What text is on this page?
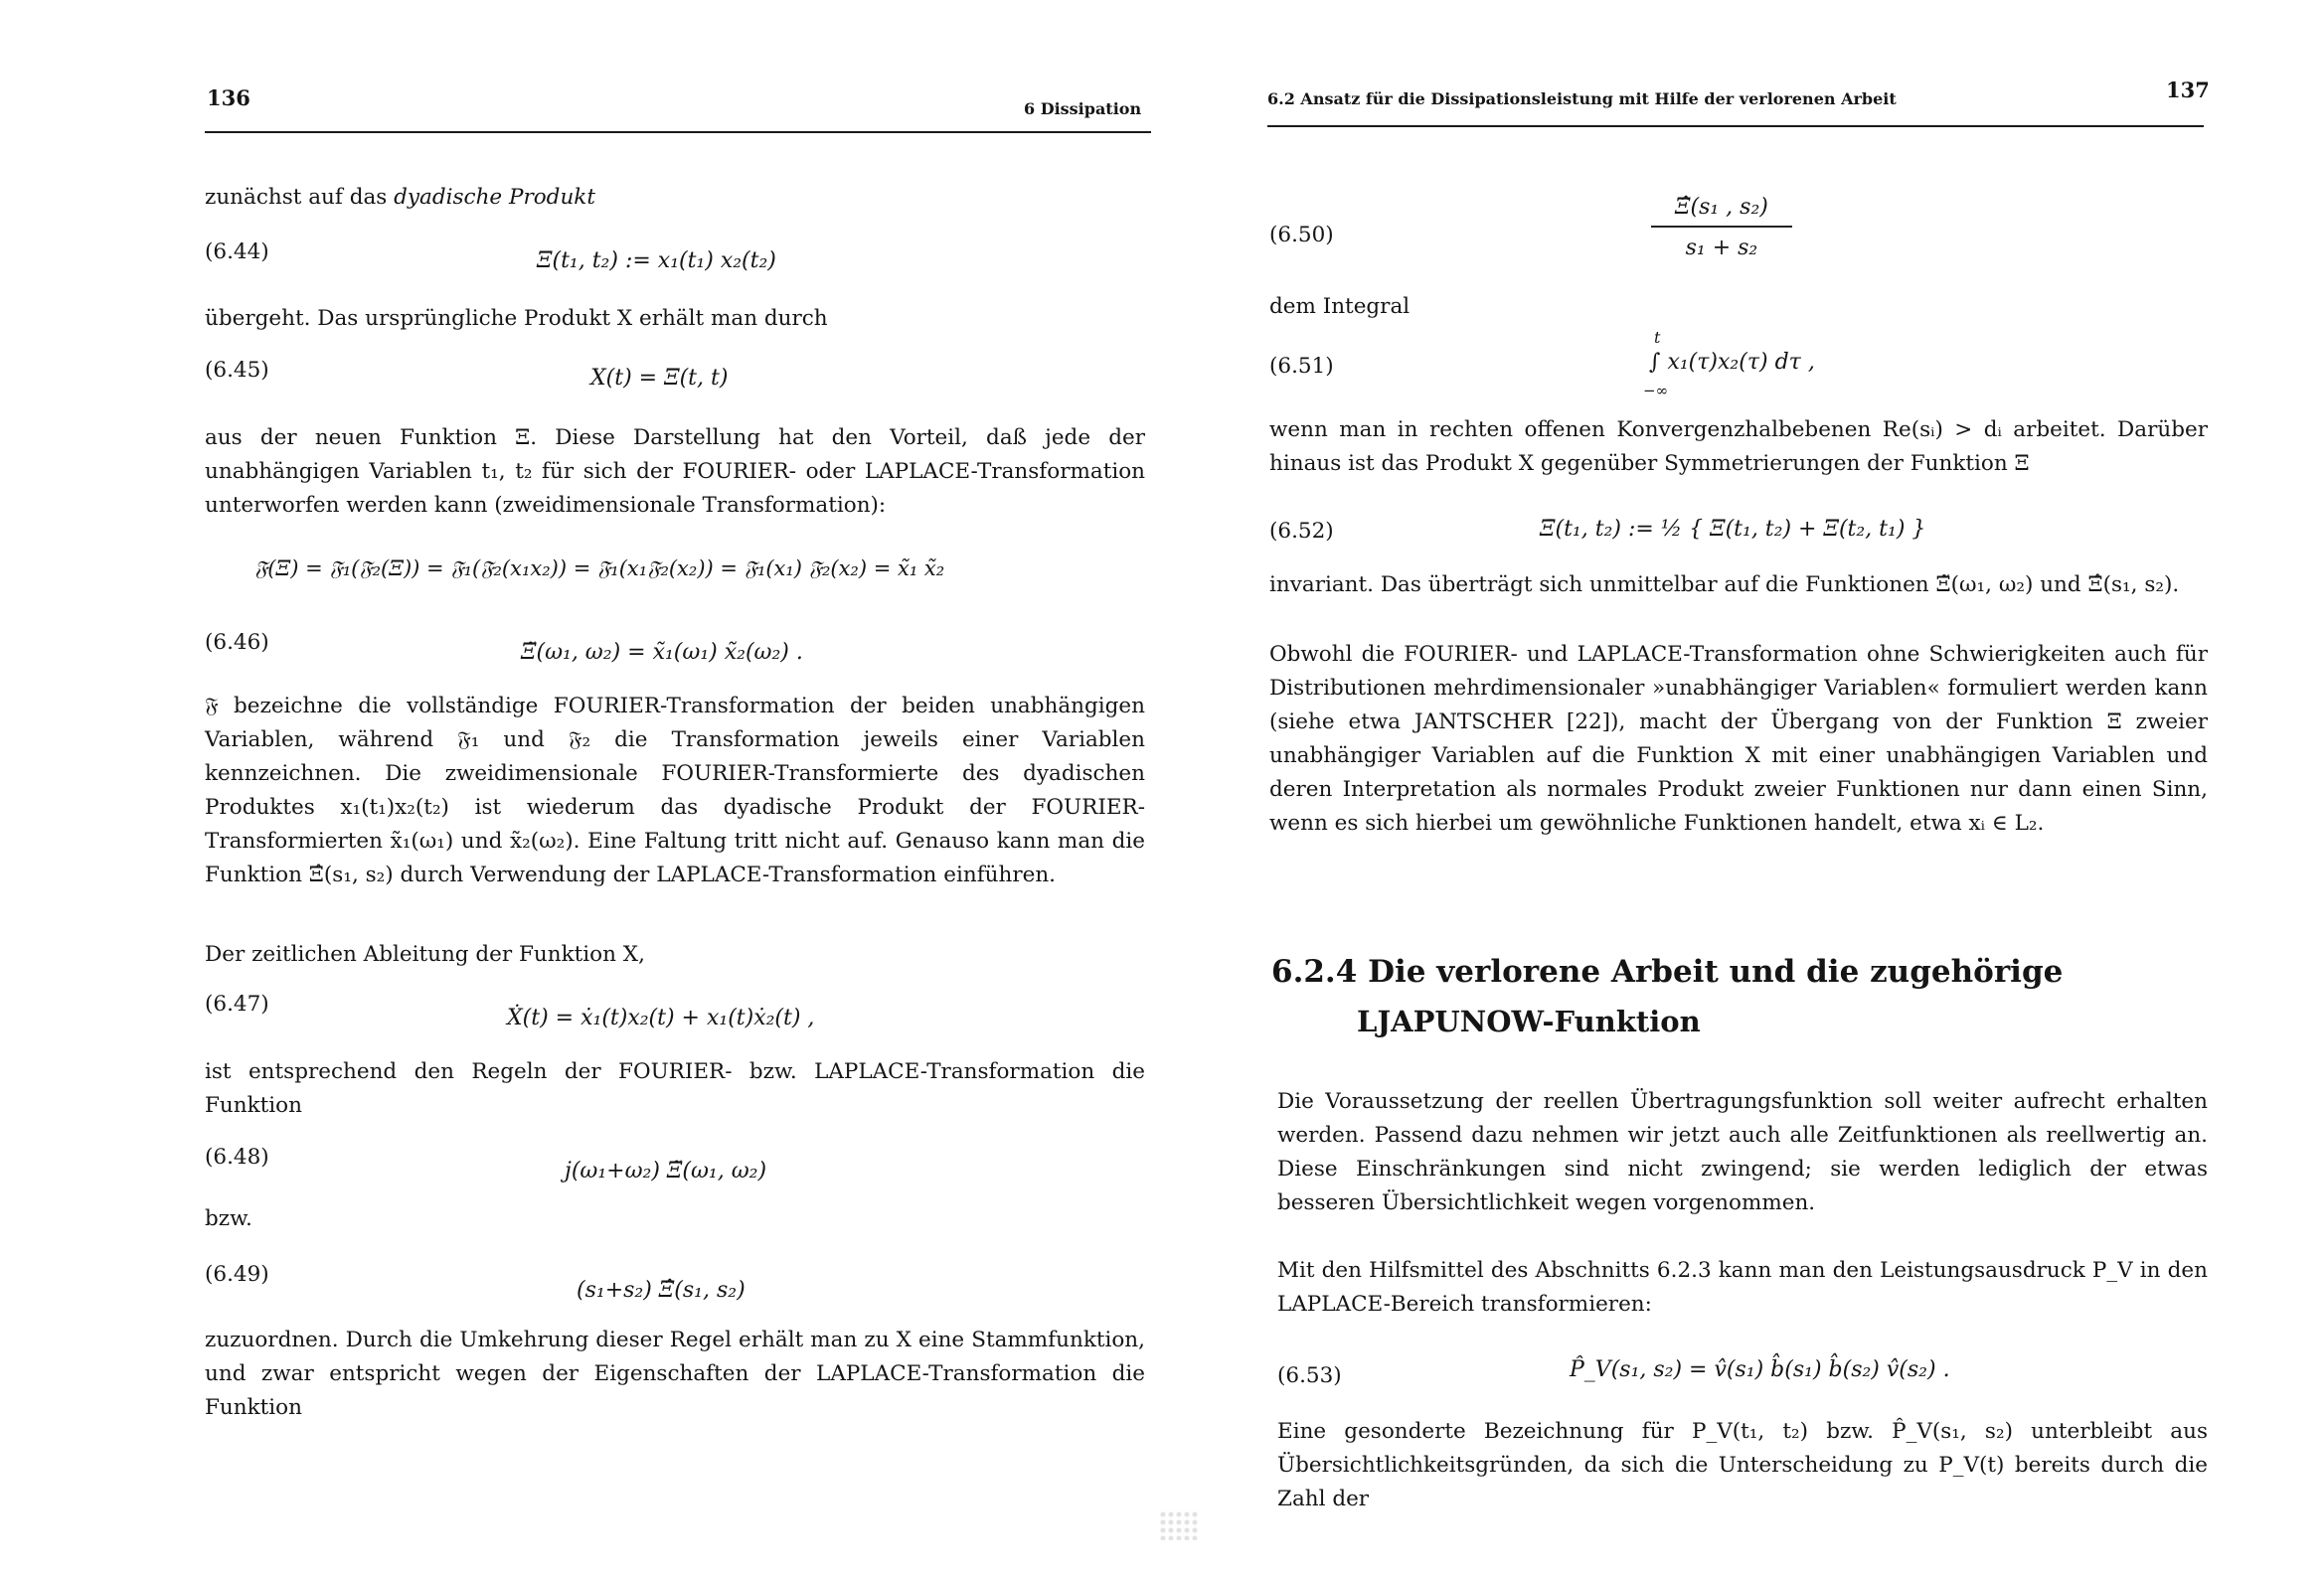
136	6 Dissipation
zunächst auf das dyadische Produkt
(6.44)	Ξ(t₁, t₂) := x₁(t₁) x₂(t₂)
übergeht. Das ursprüngliche Produkt X erhält man durch
(6.45)	X(t) = Ξ(t, t)
aus der neuen Funktion Ξ. Diese Darstellung hat den Vorteil, daß jede der unabhängigen Variablen t₁, t₂ für sich der FOURIER- oder LAPLACE-Transformation unterworfen werden kann (zweidimensionale Transformation):
𝔉(Ξ) = 𝔉₁(𝔉₂(Ξ)) = 𝔉₁(𝔉₂(x₁x₂)) = 𝔉₁(x₁𝔉₂(x₂)) = 𝔉₁(x₁) 𝔉₂(x₂) = x̃₁ x̃₂
(6.46)	Ξ̃(ω₁, ω₂) = x̃₁(ω₁) x̃₂(ω₂) .
𝔉 bezeichne die vollständige FOURIER-Transformation der beiden unabhängigen Variablen, während 𝔉₁ und 𝔉₂ die Transformation jeweils einer Variablen kennzeichnen. Die zweidimensionale FOURIER-Transformierte des dyadischen Produktes x₁(t₁)x₂(t₂) ist wiederum das dyadische Produkt der FOURIER-Transformierten x̃₁(ω₁) und x̃₂(ω₂). Eine Faltung tritt nicht auf. Genauso kann man die Funktion Ξ̂(s₁, s₂) durch Verwendung der LAPLACE-Transformation einführen.
Der zeitlichen Ableitung der Funktion X,
(6.47)
Ẋ(t) = ẋ₁(t)x₂(t) + x₁(t)ẋ₂(t) ,
ist entsprechend den Regeln der FOURIER- bzw. LAPLACE-Transformation die Funktion
(6.48)
j(ω₁+ω₂) Ξ̃(ω₁, ω₂)
bzw.
(6.49)
(s₁+s₂) Ξ̂(s₁, s₂)
zuzuordnen. Durch die Umkehrung dieser Regel erhält man zu X eine Stammfunktion, und zwar entspricht wegen der Eigenschaften der LAPLACE-Transformation die Funktion
6.2 Ansatz für die Dissipationsleistung mit Hilfe der verlorenen Arbeit	137
(6.50)	$\frac{\text{Ξ̂(s₁ , s₂)}}{\text{s₁ + s₂}}$
dem Integral
(6.51)
t
∫ x₁(τ)x₂(τ) dτ ,
−∞
wenn man in rechten offenen Konvergenzhalbebenen Re(sᵢ) > dᵢ arbeitet. Darüber hinaus ist das Produkt X gegenüber Symmetrierungen der Funktion Ξ
(6.52)	Ξ̄(t₁, t₂) := ½ { Ξ(t₁, t₂) + Ξ(t₂, t₁) }
invariant. Das überträgt sich unmittelbar auf die Funktionen Ξ̃(ω₁, ω₂) und Ξ̂(s₁, s₂).
Obwohl die FOURIER- und LAPLACE-Transformation ohne Schwierigkeiten auch für Distributionen mehrdimensionaler »unabhängiger Variablen« formuliert werden kann (siehe etwa JANTSCHER [22]), macht der Übergang von der Funktion Ξ zweier unabhängiger Variablen auf die Funktion X mit einer unabhängigen Variablen und deren Interpretation als normales Produkt zweier Funktionen nur dann einen Sinn, wenn es sich hierbei um gewöhnliche Funktionen handelt, etwa xᵢ ∈ L₂.
6.2.4 Die verlorene Arbeit und die zugehörige
LJAPUNOW-Funktion
Die Voraussetzung der reellen Übertragungsfunktion soll weiter aufrecht erhalten werden. Passend dazu nehmen wir jetzt auch alle Zeitfunktionen als reellwertig an. Diese Einschränkungen sind nicht zwingend; sie werden lediglich der etwas besseren Übersichtlichkeit wegen vorgenommen.
Mit den Hilfsmittel des Abschnitts 6.2.3 kann man den Leistungsausdruck P_V in den LAPLACE-Bereich transformieren:
(6.53)	P̂_V(s₁, s₂) = v̂(s₁) b̂(s₁) b̂(s₂) v̂(s₂) .
Eine gesonderte Bezeichnung für P_V(t₁, t₂) bzw. P̂_V(s₁, s₂) unterbleibt aus Übersichtlichkeitsgründen, da sich die Unterscheidung zu P_V(t) bereits durch die Zahl der
